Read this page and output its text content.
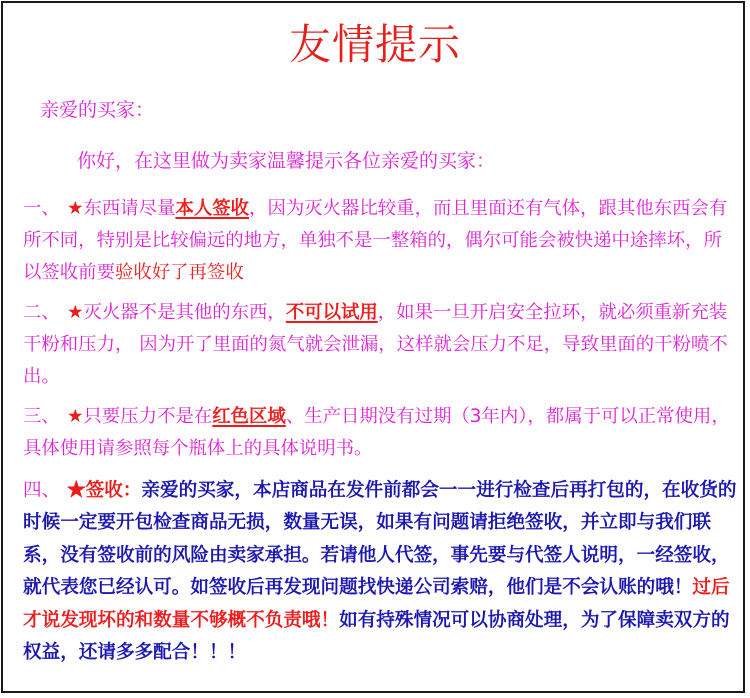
友情提示
亲爱的买家：
你好，在这里做为卖家温馨提示各位亲爱的买家：
一、 ★东西请尽量本人签收，因为灭火器比较重，而且里面还有气体，跟其他东西会有所不同，特别是比较偏远的地方，单独不是一整箱的，偶尔可能会被快递中途摔坏，所以签收前要验收好了再签收
二、 ★灭火器不是其他的东西，不可以试用，如果一旦开启安全拉环，就必须重新充装干粉和压力， 因为开了里面的氮气就会泄漏，这样就会压力不足，导致里面的干粉喷不出。
三、 ★只要压力不是在红色区域、生产日期没有过期（3年内），都属于可以正常使用，具体使用请参照每个瓶体上的具体说明书。
四、 ★签收：亲爱的买家，本店商品在发件前都会一一进行检查后再打包的，在收货的时候一定要开包检查商品无损，数量无误，如果有问题请拒绝签收，并立即与我们联系，没有签收前的风险由卖家承担。若请他人代签，事先要与代签人说明，一经签收，就代表您已经认可。如签收后再发现问题找快递公司索赔，他们是不会认账的哦！过后才说发现坏的和数量不够概不负责哦！如有持殊情况可以协商处理，为了保障卖双方的权益，还请多多配合！！！
